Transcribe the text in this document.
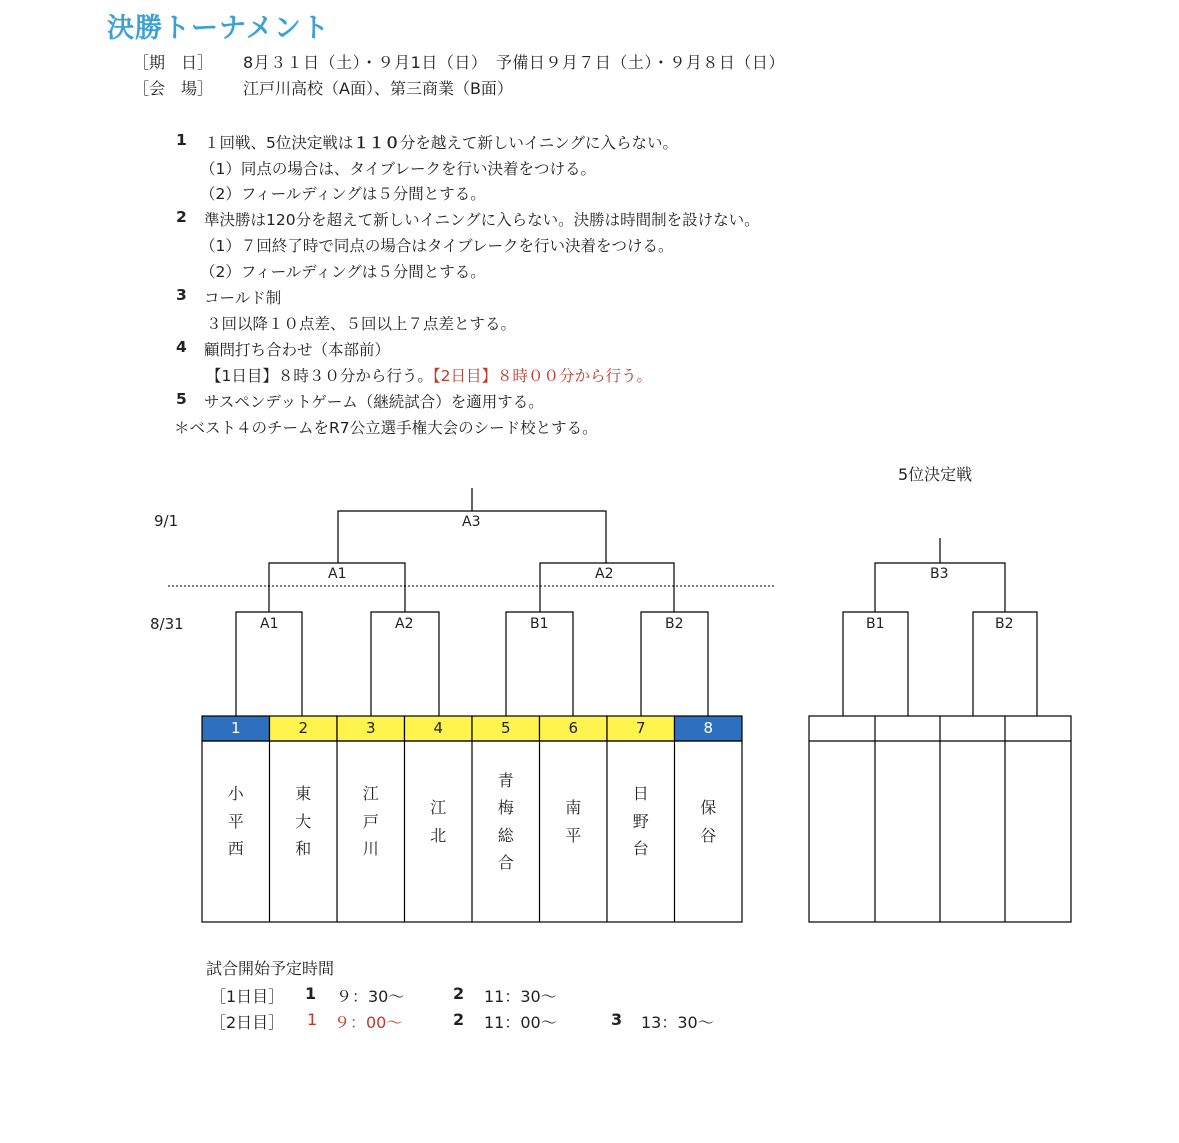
決勝トーナメント
［期　日］ 8月３１日（土）・９月1日（日）　予備日９月７日（土）・９月８日（日）
［会　場］ 江戸川高校（A面）、第三商業（B面）
1 １回戦、5位決定戦は１１０分を越えて新しいイニングに入らない。
（1）同点の場合は、タイブレークを行い決着をつける。
（2）フィールディングは５分間とする。
2 準決勝は120分を超えて新しいイニングに入らない。決勝は時間制を設けない。
（1）７回終了時で同点の場合はタイブレークを行い決着をつける。
（2）フィールディングは５分間とする。
3 コールド制
３回以降１０点差、５回以上７点差とする。
4 顧問打ち合わせ（本部前）
【1日目】８時３０分から行う。【2日目】８時００分から行う。
5 サスペンデットゲーム（継続試合）を適用する。
＊ベスト４のチームをR7公立選手権大会のシード校とする。
9/1
8/31
A3
A1	A2
A1	A2	B1	B2
1	2	3	4	5	6	7	8
小
平
西
東
大
和
江
戸
川
江
北
青
梅
総
合
南
平
日
野
台
保
谷
5位決定戦
B3
B1	B2
試合開始予定時間
［1日目］ 1 ９：30〜	2 11：30〜
［2日目］ 1 ９：00〜	2 11：00〜	3 13：30〜
